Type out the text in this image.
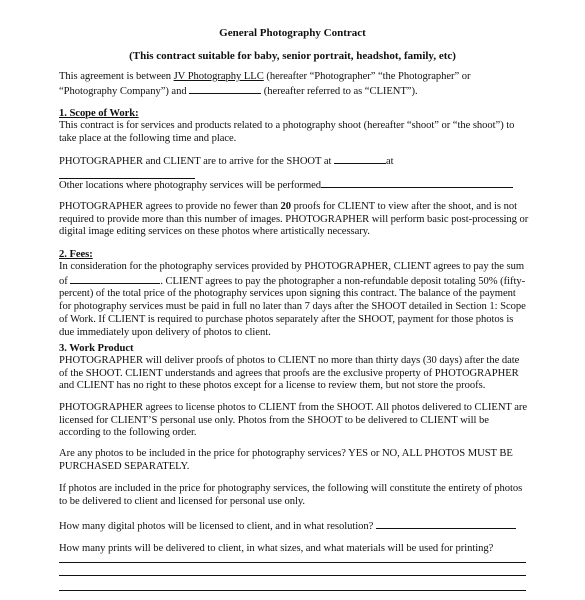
General Photography Contract
(This contract suitable for baby, senior portrait, headshot, family, etc)
This agreement is between JV Photography LLC (hereafter “Photographer” “the Photographer” or “Photography Company”) and	(hereafter referred to as “CLIENT”).
1. Scope of Work:
This contract is for services and products related to a photography shoot (hereafter “shoot” or “the shoot”) to take place at the following time and place.
PHOTOGRAPHER and CLIENT are to arrive for the SHOOT at	at
Other locations where photography services will be performed
PHOTOGRAPHER agrees to provide no fewer than 20 proofs for CLIENT to view after the shoot, and is not required to provide more than this number of images. PHOTOGRAPHER will perform basic post-processing or digital image editing services on these photos where artistically necessary.
2. Fees:
In consideration for the photography services provided by PHOTOGRAPHER, CLIENT agrees to pay the sum of	. CLIENT agrees to pay the photographer a non-refundable deposit totaling 50% (fifty-percent) of the total price of the photography services upon signing this contract. The balance of the payment for photography services must be paid in full no later than 7 days after the SHOOT detailed in Section 1: Scope of Work. If CLIENT is required to purchase photos separately after the SHOOT, payment for those photos is due immediately upon delivery of photos to client.
3. Work Product
PHOTOGRAPHER will deliver proofs of photos to CLIENT no more than thirty days (30 days) after the date of the SHOOT. CLIENT understands and agrees that proofs are the exclusive property of PHOTOGRAPHER and CLIENT has no right to these photos except for a license to review them, but not store the proofs.
PHOTOGRAPHER agrees to license photos to CLIENT from the SHOOT. All photos delivered to CLIENT are licensed for CLIENT’S personal use only. Photos from the SHOOT to be delivered to CLIENT will be according to the following order.
Are any photos to be included in the price for photography services? YES or NO, ALL PHOTOS MUST BE PURCHASED SEPARATELY.
If photos are included in the price for photography services, the following will constitute the entirety of photos to be delivered to client and licensed for personal use only.
How many digital photos will be licensed to client, and in what resolution?
How many prints will be delivered to client, in what sizes, and what materials will be used for printing?
